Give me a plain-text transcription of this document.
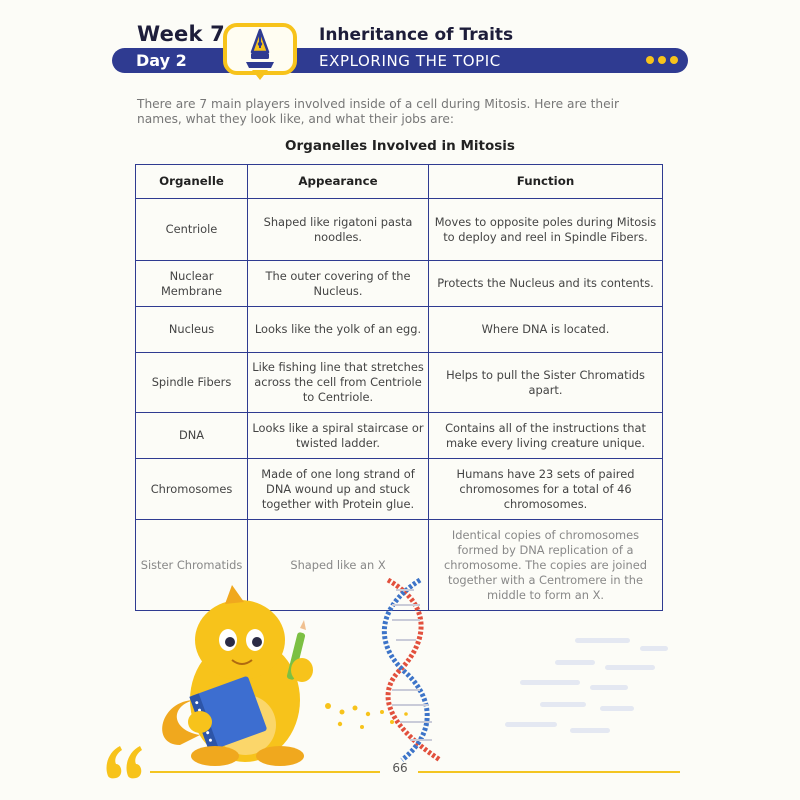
Week 7
Day 2
Inheritance of Traits
EXPLORING THE TOPIC
There are 7 main players involved inside of a cell during Mitosis. Here are their names, what they look like, and what their jobs are:
Organelles Involved in Mitosis
Organelle	Appearance	Function
Centriole	Shaped like rigatoni pasta noodles.	Moves to opposite poles during Mitosis to deploy and reel in Spindle Fibers.
Nuclear Membrane	The outer covering of the Nucleus.	Protects the Nucleus and its contents.
Nucleus	Looks like the yolk of an egg.	Where DNA is located.
Spindle Fibers	Like fishing line that stretches across the cell from Centriole to Centriole.	Helps to pull the Sister Chromatids apart.
DNA	Looks like a spiral staircase or twisted ladder.	Contains all of the instructions that make every living creature unique.
Chromosomes	Made of one long strand of DNA wound up and stuck together with Protein glue.	Humans have 23 sets of paired chromosomes for a total of 46 chromosomes.
Sister Chromatids	Shaped like an X	Identical copies of chromosomes formed by DNA replication of a chromosome. The copies are joined together with a Centromere in the middle to form an X.
66
